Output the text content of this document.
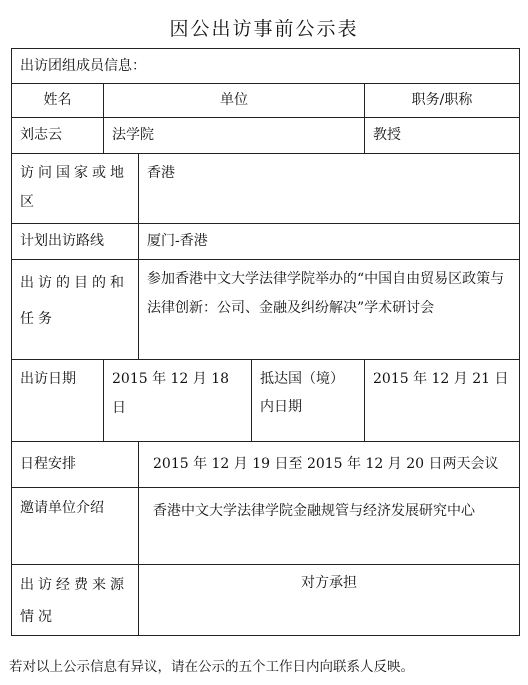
因公出访事前公示表
出访团组成员信息：				
姓名	单位			职务/职称
刘志云	法学院			教授
访问国家或地区		香港		
计划出访路线		厦门-香港		
出访的目的和任务		参加香港中文大学法律学院举办的“中国自由贸易区政策与法律创新：公司、金融及纠纷解决”学术研讨会		
出访日期	2015 年 12 月 18 日		抵达国（境）内日期	2015 年 12 月 21 日
日程安排		2015 年 12 月 19 日至 2015 年 12 月 20 日两天会议		
邀请单位介绍		香港中文大学法律学院金融规管与经济发展研究中心		
出访经费来源情况		对方承担		
若对以上公示信息有异议，请在公示的五个工作日内向联系人反映。
